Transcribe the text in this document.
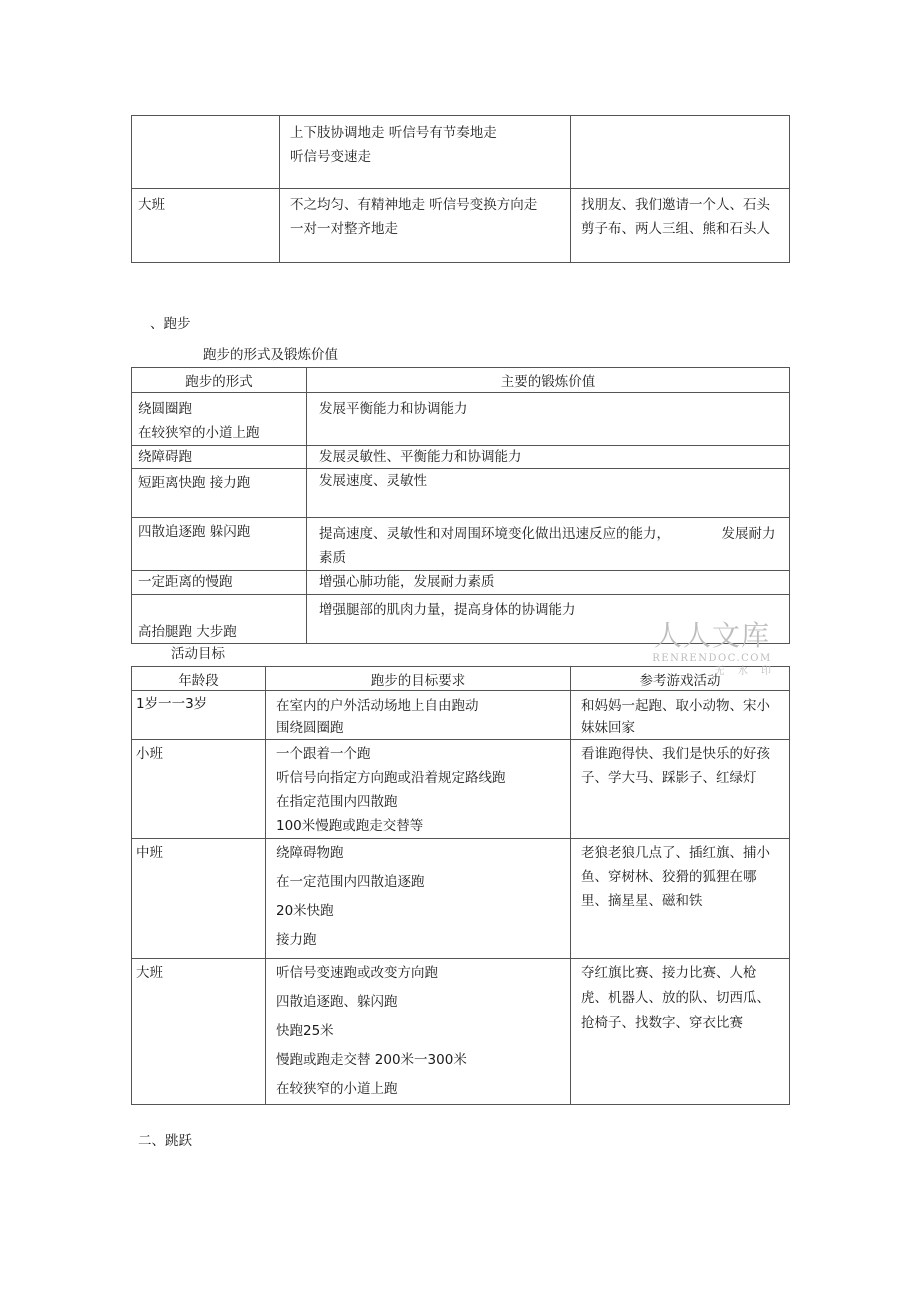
	上下肢协调地走 听信号有节奏地走
听信号变速走	

大班	不之均匀、有精神地走 听信号变换方向走
一对一对整齐地走	找朋友、我们邀请一个人、石头剪子布、两人三组、熊和石头人
、跑步
跑步的形式及锻炼价值
跑步的形式	主要的锻炼价值

绕圆圈跑
在较狭窄的小道上跑	发展平衡能力和协调能力
绕障碍跑	发展灵敏性、平衡能力和协调能力
短距离快跑 接力跑	发展速度、灵敏性
四散追逐跑 躲闪跑	提高速度、灵敏性和对周围环境变化做出迅速反应的能力，            发展耐力素质

一定距离的慢跑	增强心肺功能，发展耐力素质
高抬腿跑 大步跑	增强腿部的肌肉力量，提高身体的协调能力
活动目标
年龄段	跑步的目标要求	参考游戏活动
1岁一一3岁	在室内的户外活动场地上自由跑动
围绕圆圈跑	和妈妈一起跑、取小动物、宋小妹妹回家

小班	一个跟着一个跑
听信号向指定方向跑或沿着规定路线跑
在指定范围内四散跑
100米慢跑或跑走交替等	看谁跑得快、我们是快乐的好孩子、学大马、踩影子、红绿灯

中班	绕障碍物跑
在一定范围内四散追逐跑
20米快跑
接力跑	老狼老狼几点了、插红旗、捕小鱼、穿树林、狡猾的狐狸在哪里、摘星星、磁和铁

大班	听信号变速跑或改变方向跑
四散追逐跑、躲闪跑
快跑25米
慢跑或跑走交替 200米一300米
在较狭窄的小道上跑	夺红旗比赛、接力比赛、人枪虎、机器人、放的队、切西瓜、  抢椅子、找数字、穿衣比赛
二、跳跃
人人文库
RENRENDOC.COM
无 水 印
